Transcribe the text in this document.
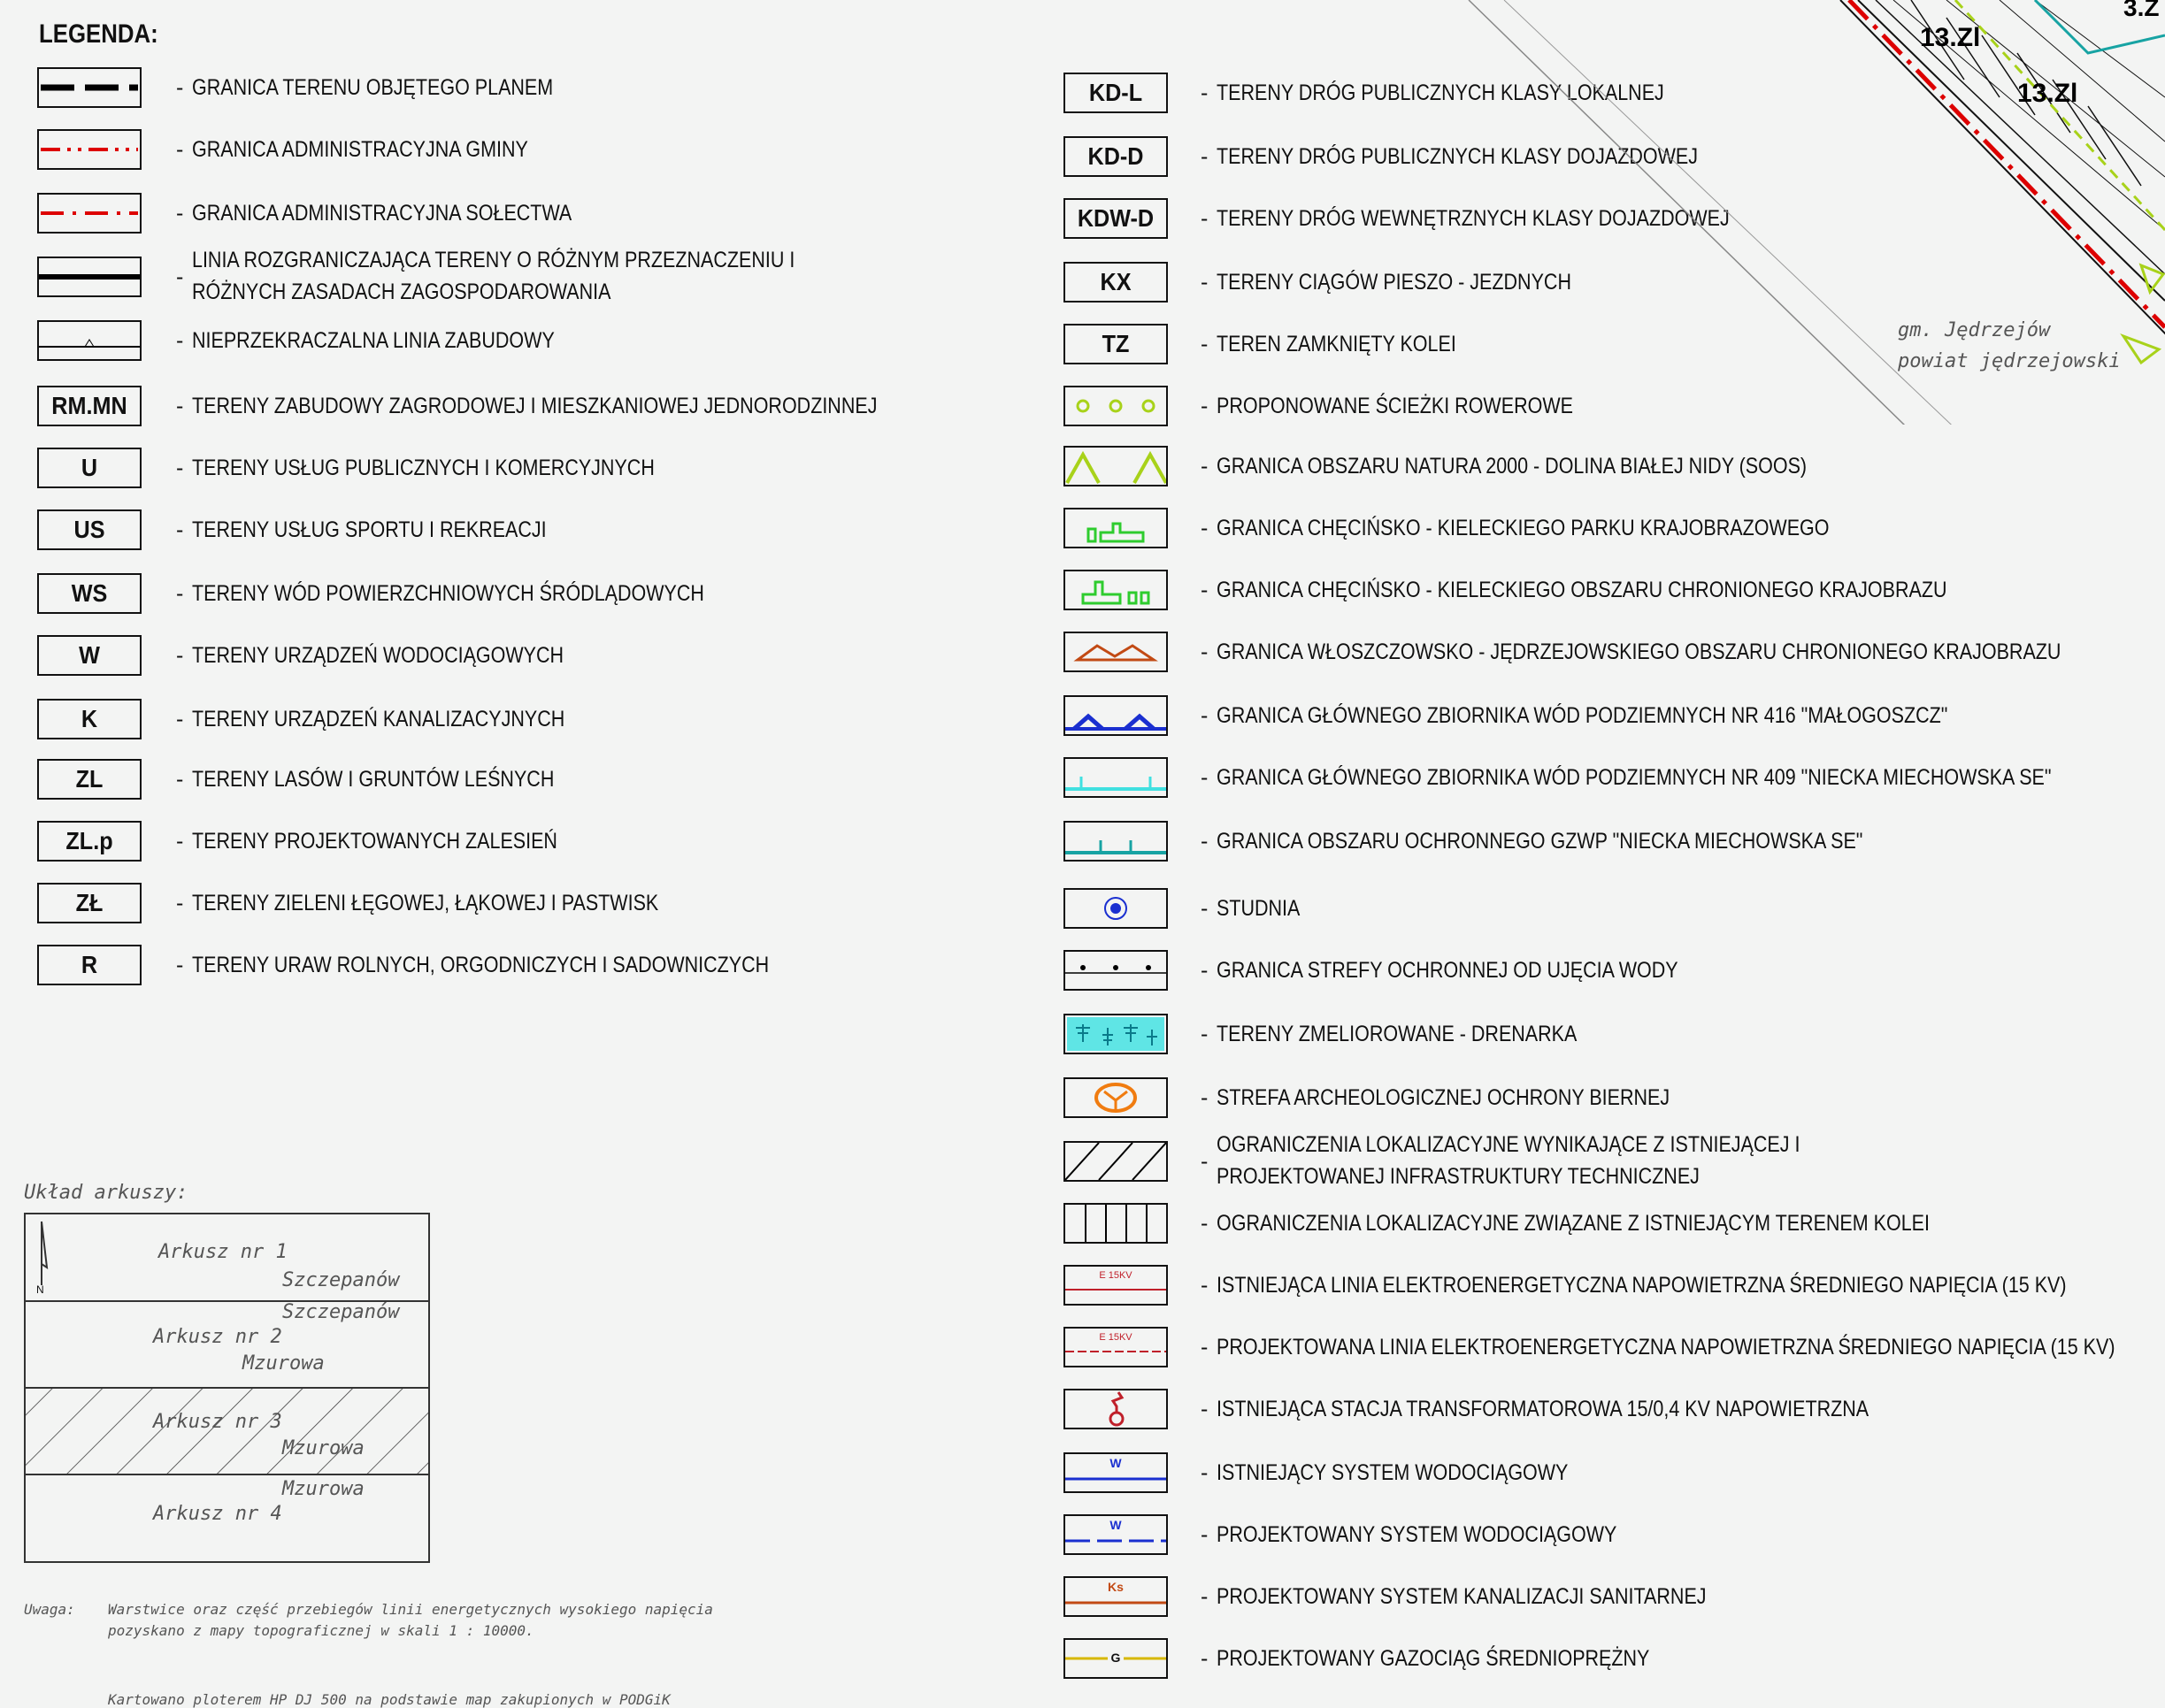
LEGENDA:
- GRANICA TERENU OBJĘTEGO PLANEM
- GRANICA ADMINISTRACYJNA GMINY
- GRANICA ADMINISTRACYJNA SOŁECTWA
-
LINIA ROZGRANICZAJĄCA TERENY O RÓŻNYM PRZEZNACZENIU I RÓŻNYCH ZASADACH ZAGOSPODAROWANIA
- NIEPRZEKRACZALNA LINIA ZABUDOWY
RM.MN	- TERENY ZABUDOWY ZAGRODOWEJ I MIESZKANIOWEJ JEDNORODZINNEJ
U	- TERENY USŁUG PUBLICZNYCH I KOMERCYJNYCH
US	- TERENY USŁUG SPORTU I REKREACJI
WS	- TERENY WÓD POWIERZCHNIOWYCH ŚRÓDLĄDOWYCH
W	- TERENY URZĄDZEŃ WODOCIĄGOWYCH
K	- TERENY URZĄDZEŃ KANALIZACYJNYCH
ZL	- TERENY LASÓW I GRUNTÓW LEŚNYCH
ZL.p	- TERENY PROJEKTOWANYCH ZALESIEŃ
ZŁ	- TERENY ZIELENI ŁĘGOWEJ, ŁĄKOWEJ I PASTWISK
R	- TERENY URAW ROLNYCH, ORGODNICZYCH I SADOWNICZYCH
KD-L	- TERENY DRÓG PUBLICZNYCH KLASY LOKALNEJ
KD-D	- TERENY DRÓG PUBLICZNYCH KLASY DOJAZDOWEJ
KDW-D	- TERENY DRÓG WEWNĘTRZNYCH KLASY DOJAZDOWEJ
KX	- TERENY CIĄGÓW PIESZO - JEZDNYCH
TZ	- TEREN ZAMKNIĘTY KOLEI
- PROPONOWANE ŚCIEŻKI ROWEROWE
- GRANICA OBSZARU NATURA 2000 - DOLINA BIAŁEJ NIDY (SOOS)
- GRANICA CHĘCIŃSKO - KIELECKIEGO PARKU KRAJOBRAZOWEGO
- GRANICA CHĘCIŃSKO - KIELECKIEGO OBSZARU CHRONIONEGO KRAJOBRAZU
- GRANICA WŁOSZCZOWSKO - JĘDRZEJOWSKIEGO OBSZARU CHRONIONEGO KRAJOBRAZU
- GRANICA GŁÓWNEGO ZBIORNIKA WÓD PODZIEMNYCH NR 416 "MAŁOGOSZCZ"
- GRANICA GŁÓWNEGO ZBIORNIKA WÓD PODZIEMNYCH NR 409 "NIECKA MIECHOWSKA SE"
- GRANICA OBSZARU OCHRONNEGO GZWP "NIECKA MIECHOWSKA SE"
- STUDNIA
- GRANICA STREFY OCHRONNEJ OD UJĘCIA WODY
- TERENY ZMELIOROWANE - DRENARKA
- STREFA ARCHEOLOGICZNEJ OCHRONY BIERNEJ
-
OGRANICZENIA LOKALIZACYJNE WYNIKAJĄCE Z ISTNIEJĄCEJ I PROJEKTOWANEJ INFRASTRUKTURY TECHNICZNEJ
- OGRANICZENIA LOKALIZACYJNE ZWIĄZANE Z ISTNIEJĄCYM TERENEM KOLEI
E 15KV	- ISTNIEJĄCA LINIA ELEKTROENERGETYCZNA NAPOWIETRZNA ŚREDNIEGO NAPIĘCIA (15 KV)
E 15KV	- PROJEKTOWANA LINIA ELEKTROENERGETYCZNA NAPOWIETRZNA ŚREDNIEGO NAPIĘCIA (15 KV)
- ISTNIEJĄCA STACJA TRANSFORMATOROWA 15/0,4 KV NAPOWIETRZNA
W	- ISTNIEJĄCY SYSTEM WODOCIĄGOWY
W	- PROJEKTOWANY SYSTEM WODOCIĄGOWY
Ks	- PROJEKTOWANY SYSTEM KANALIZACJI SANITARNEJ
G	- PROJEKTOWANY GAZOCIĄG ŚREDNIOPRĘŻNY
13.Zl
13.Zl
3.Z
gm. Jędrzejów
powiat jędrzejowski
Układ arkuszy:
N
Arkusz nr 1
Szczepanów
Szczepanów
Arkusz nr 2
Mzurowa
Arkusz nr 3
Mzurowa
Mzurowa
Arkusz nr 4
Uwaga: Warstwice oraz część przebiegów linii energetycznych wysokiego napięcia
pozyskano z mapy topograficznej w skali 1 : 10000.
Kartowano ploterem HP DJ 500 na podstawie map zakupionych w PODGiK
